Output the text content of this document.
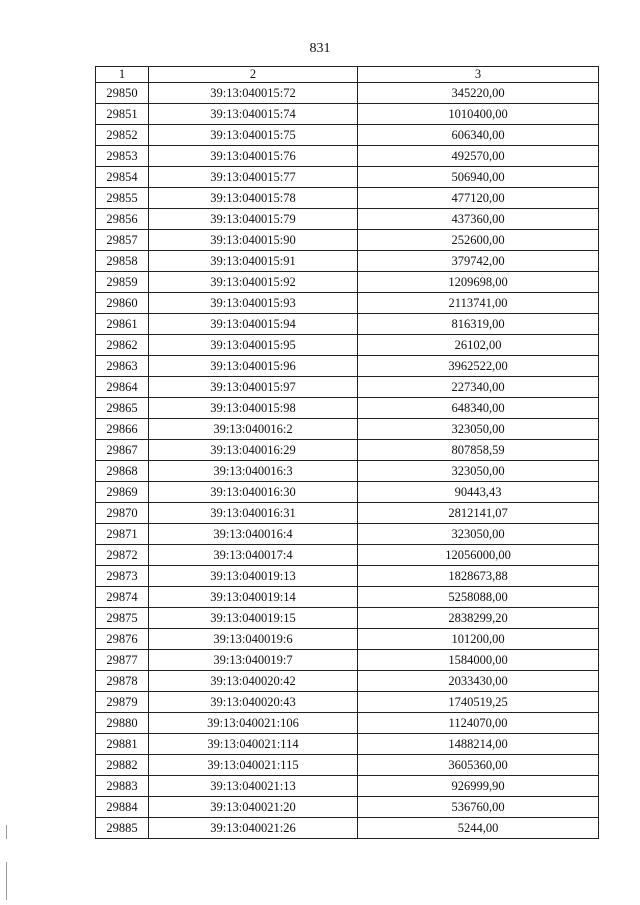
831
1	2	3
29850	39:13:040015:72	345220,00
29851	39:13:040015:74	1010400,00
29852	39:13:040015:75	606340,00
29853	39:13:040015:76	492570,00
29854	39:13:040015:77	506940,00
29855	39:13:040015:78	477120,00
29856	39:13:040015:79	437360,00
29857	39:13:040015:90	252600,00
29858	39:13:040015:91	379742,00
29859	39:13:040015:92	1209698,00
29860	39:13:040015:93	2113741,00
29861	39:13:040015:94	816319,00
29862	39:13:040015:95	26102,00
29863	39:13:040015:96	3962522,00
29864	39:13:040015:97	227340,00
29865	39:13:040015:98	648340,00
29866	39:13:040016:2	323050,00
29867	39:13:040016:29	807858,59
29868	39:13:040016:3	323050,00
29869	39:13:040016:30	90443,43
29870	39:13:040016:31	2812141,07
29871	39:13:040016:4	323050,00
29872	39:13:040017:4	12056000,00
29873	39:13:040019:13	1828673,88
29874	39:13:040019:14	5258088,00
29875	39:13:040019:15	2838299,20
29876	39:13:040019:6	101200,00
29877	39:13:040019:7	1584000,00
29878	39:13:040020:42	2033430,00
29879	39:13:040020:43	1740519,25
29880	39:13:040021:106	1124070,00
29881	39:13:040021:114	1488214,00
29882	39:13:040021:115	3605360,00
29883	39:13:040021:13	926999,90
29884	39:13:040021:20	536760,00
29885	39:13:040021:26	5244,00
